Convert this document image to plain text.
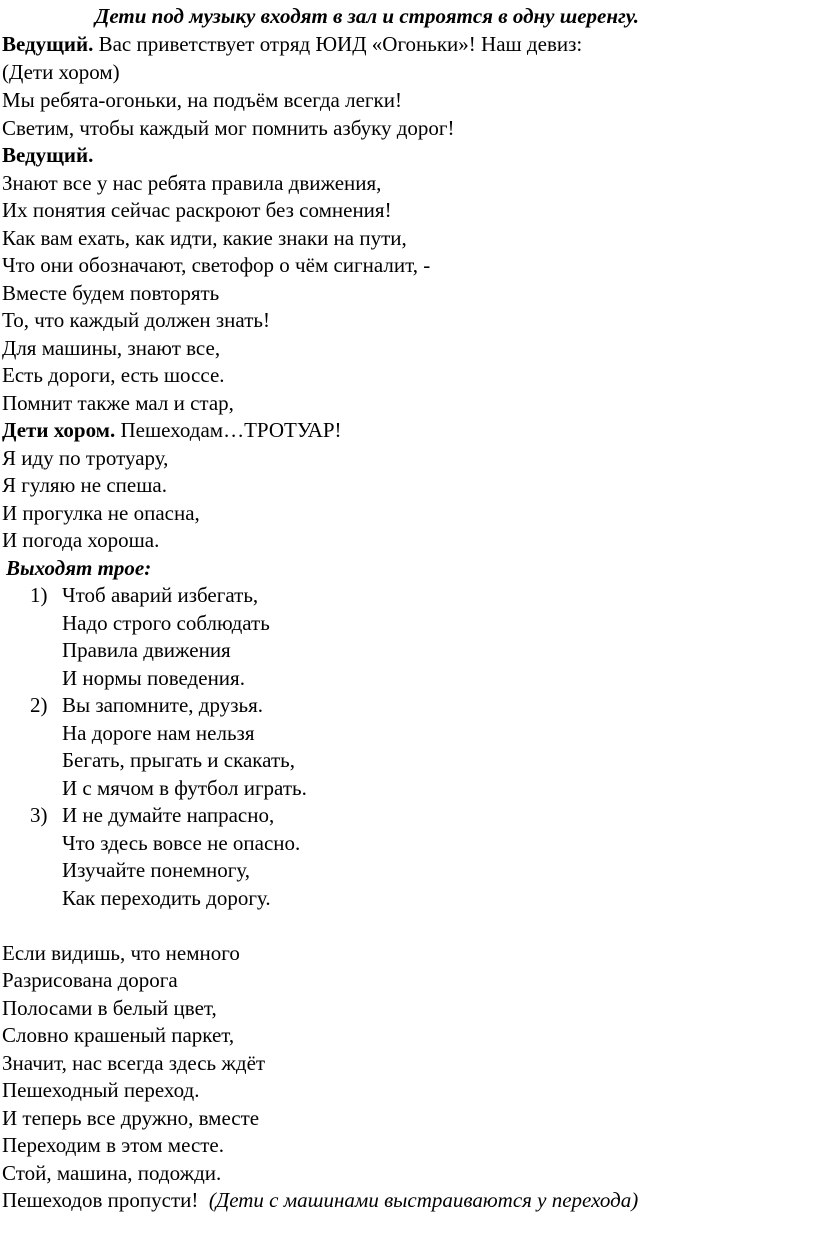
Дети под музыку входят в зал и строятся в одну шеренгу.
Ведущий. Вас приветствует отряд ЮИД «Огоньки»! Наш девиз:
(Дети хором)
Мы ребята-огоньки, на подъём всегда легки!
Светим, чтобы каждый мог помнить азбуку дорог!
Ведущий.
Знают все у нас ребята правила движения,
Их понятия сейчас раскроют без сомнения!
Как вам ехать, как идти, какие знаки на пути,
Что они обозначают, светофор о чём сигналит, -
Вместе будем повторять
То, что каждый должен знать!
Для машины, знают все,
Есть дороги, есть шоссе.
Помнит также мал и стар,
Дети хором. Пешеходам…ТРОТУАР!
Я иду по тротуару,
Я гуляю не спеша.
И прогулка не опасна,
И погода хороша.
Выходят трое:
1) Чтоб аварий избегать,
Надо строго соблюдать
Правила движения
И нормы поведения.
2) Вы запомните, друзья.
На дороге нам нельзя
Бегать, прыгать и скакать,
И с мячом в футбол играть.
3) И не думайте напрасно,
Что здесь вовсе не опасно.
Изучайте понемногу,
Как переходить дорогу.
Если видишь, что немного
Разрисована дорога
Полосами в белый цвет,
Словно крашеный паркет,
Значит, нас всегда здесь ждёт
Пешеходный переход.
И теперь все дружно, вместе
Переходим в этом месте.
Стой, машина, подожди.
Пешеходов пропусти! (Дети с машинами выстраиваются у перехода)
